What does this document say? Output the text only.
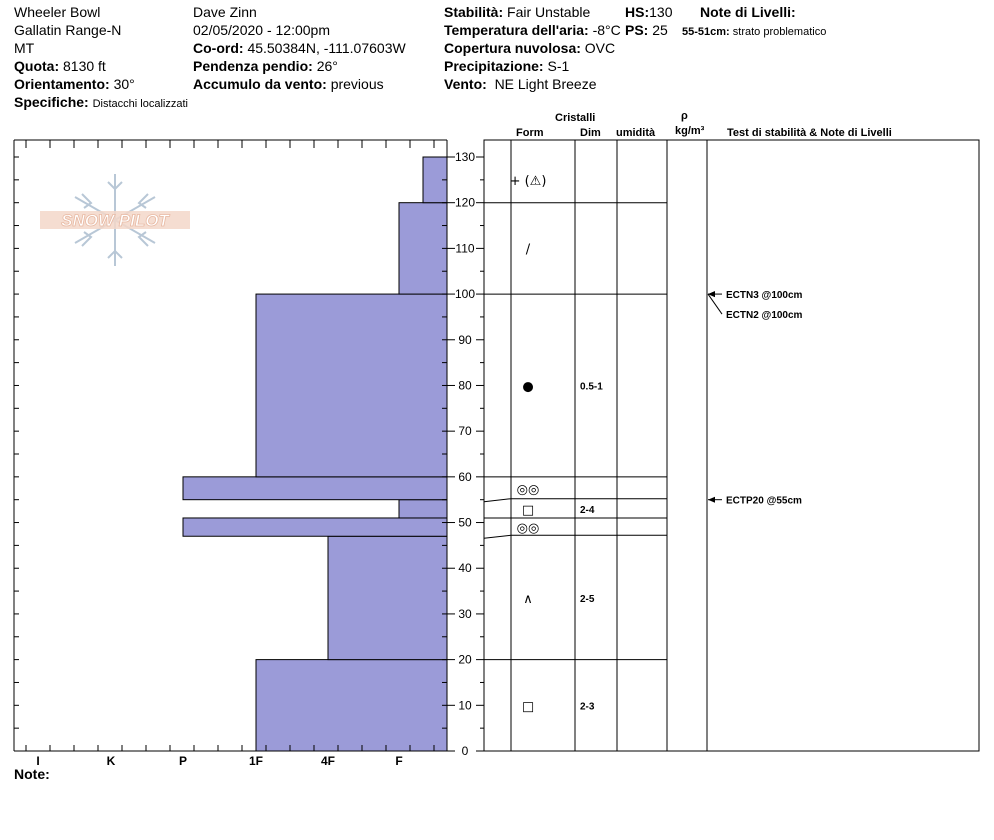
Wheeler Bowl
Gallatin Range-N
MT
Quota: 8130 ft
Orientamento: 30°
Specifiche: Distacchi localizzati
Dave Zinn
02/05/2020 - 12:00pm
Co-ord: 45.50384N, -111.07603W
Pendenza pendio: 26°
Accumulo da vento: previous
Stabilità: Fair Unstable
Temperatura dell'aria: -8°C
Copertura nuvolosa: OVC
Precipitazione: S-1
Vento: NE Light Breeze
HS:130
PS: 25
Note di Livelli:
55-51cm: strato problematico
Cristalli
Form	Dim umidità
ρ
kg/m³ Test di stabilità & Note di Livelli
Note:
SNOW PILOT
I	K	P	1F	4F	F
0
10
20
30
40
50
60
70
80
90
100
110
120
130
+ (⚠)
/
●	0.5-1
◎◎
□	2-4
◎◎
∧	2-5
□	2-3
ECTN3 @100cm
ECTN2 @100cm
ECTP20 @55cm
